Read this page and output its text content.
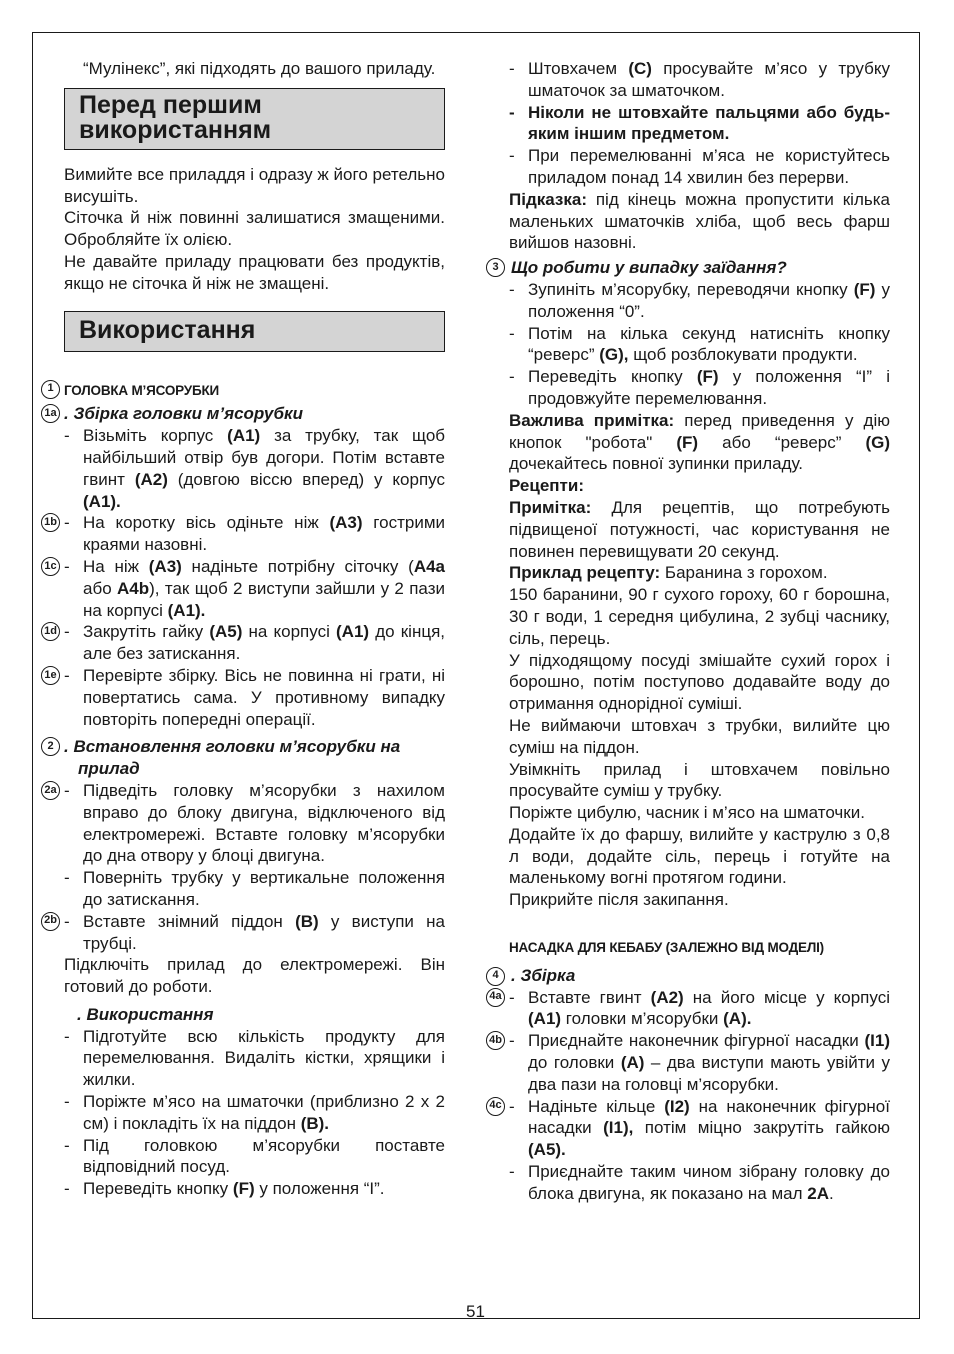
“Мулінекс”, які підходять до вашого приладу.

Перед першим
використанням

Вимийте все приладдя і одразу ж його ретельно висушіть.

Сіточка й ніж повинні залишатися змащеними. Обробляйте їх олією.

Не давайте приладу працювати без продуктів, якщо не сіточка й ніж не змащені.

Використання
1 ГОЛОВКА М’ЯСОРУБКИ
1a . Збірка головки м’ясорубки
- Візьміть корпус (A1) за трубку, так щоб найбільший отвір був догори. Потім вставте гвинт (A2) (довгою віссю вперед) у корпус (A1).
1b - На коротку вісь одіньте ніж (A3) гострими краями назовні.
1c - На ніж (A3) надіньте потрібну сіточку (A4a або A4b), так щоб 2 виступи зайшли у 2 пази на корпусі (A1).
1d - Закрутіть гайку (A5) на корпусі (A1) до кінця, але без затискання.
1e - Перевірте збірку. Вісь не повинна ні грати, ні повертатись сама. У противному випадку повторіть попередні операції.
2 . Встановлення головки м’ясорубки на прилад
2a - Підведіть головку м’ясорубки з нахилом вправо до блоку двигуна, відключеного від електромережі. Вставте головку м’ясорубки до дна отвору у блоці двигуна.
- Поверніть трубку у вертикальне положення до затискання.
2b - Вставте знімний піддон (B) у виступи на трубці.

Підключіть прилад до електромережі. Він готовий до роботи.

. Використання
- Підготуйте всю кількість продукту для перемелювання. Видаліть кістки, хрящики і жилки.
- Поріжте м’ясо на шматочки (приблизно 2 x 2 см) і покладіть їх на піддон (B).
- Під головкою м’ясорубки поставте відповідний посуд.
- Переведіть кнопку (F) у положення “I”.
- Штовхачем (C) просувайте м’ясо у трубку шматочок за шматочком.
- Ніколи не штовхайте пальцями або будь-яким іншим предметом.
- При перемелюванні м’яса не користуйтесь приладом понад 14 хвилин без перерви.

Підказка: під кінець можна пропустити кілька маленьких шматочків хліба, щоб весь фарш вийшов назовні.

3 Що робити у випадку заїдання?
- Зупиніть м’ясорубку, переводячи кнопку (F) у положення “0”.
- Потім на кілька секунд натисніть кнопку “реверс” (G), щоб розблокувати продукти.
- Переведіть кнопку (F) у положення “I” і продовжуйте перемелювання.

Важлива примітка: перед приведення у дію кнопок "робота" (F) або “реверс” (G) дочекайтесь повної зупинки приладу.

Рецепти:

Примітка: Для рецептів, що потребують підвищеної потужності, час користування не повинен перевищувати 20 секунд.

Приклад рецепту: Баранина з горохом.

150 баранини, 90 г сухого гороху, 60 г борошна, 30 г води, 1 середня цибулина, 2 зубці часнику, сіль, перець.

У підходящому посуді змішайте сухий горох і борошно, потім поступово додавайте воду до отримання однорідної суміші.

Не виймаючи штовхач з трубки, вилийте цю суміш на піддон.

Увімкніть прилад і штовхачем повільно просувайте суміш у трубку.

Поріжте цибулю, часник і м’ясо на шматочки.

Додайте їх до фаршу, вилийте у каструлю з 0,8 л води, додайте сіль, перець і готуйте на маленькому вогні протягом години.

Прикрийте після закипання.

НАСАДКА ДЛЯ КЕБАБУ (ЗАЛЕЖНО ВІД МОДЕЛІ)
4 . Збірка
4a - Вставте гвинт (A2) на його місце у корпусі (A1) головки м’ясорубки (A).
4b - Приєднайте наконечник фігурної насадки (I1) до головки (A) – два виступи мають увійти у два пази на головці м’ясорубки.
4c - Надіньте кільце (I2) на наконечник фігурної насадки (I1), потім міцно закрутіть гайкою (A5).
- Приєднайте таким чином зібрану головку до блока двигуна, як показано на мал 2A.
51
